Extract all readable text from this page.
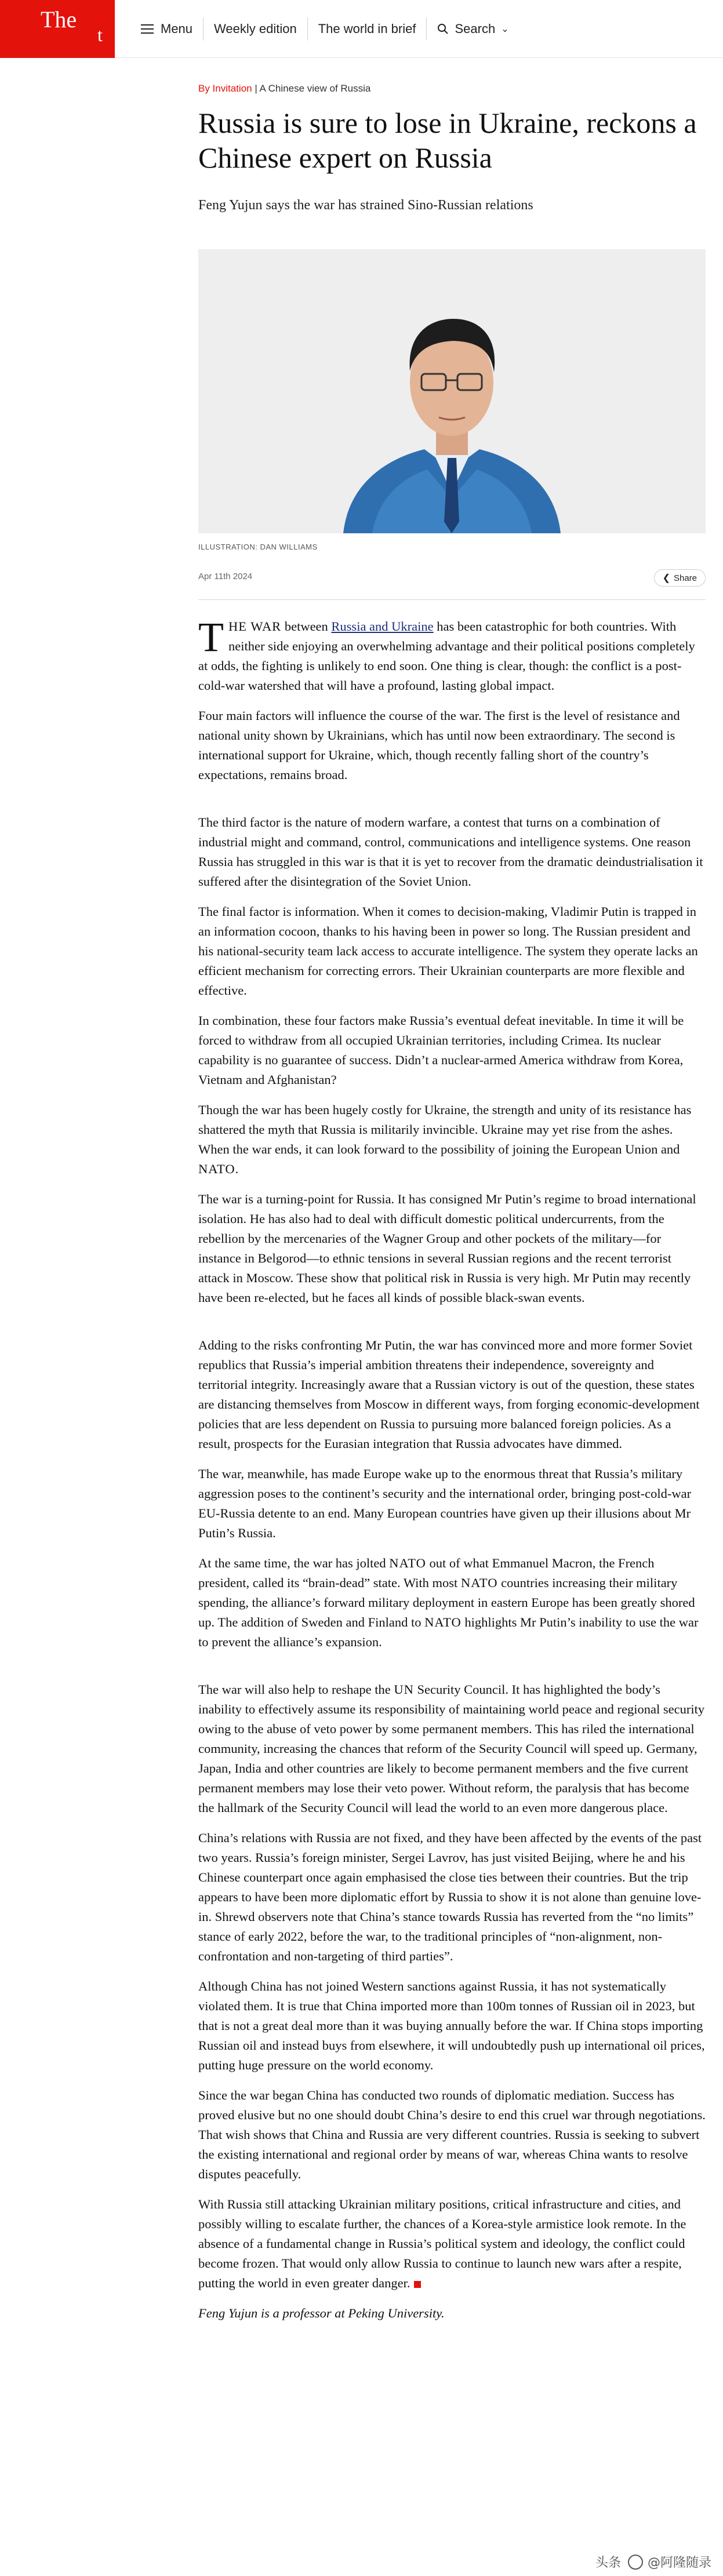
The
t	Menu	Weekly edition	The world in brief	Search ⌄
By Invitation | A Chinese view of Russia
Russia is sure to lose in Ukraine, reckons a Chinese expert on Russia
Feng Yujun says the war has strained Sino-Russian relations
ILLUSTRATION: DAN WILLIAMS
Apr 11th 2024	❮ Share

THE WAR between Russia and Ukraine has been catastrophic for both countries. With neither side enjoying an overwhelming advantage and their political positions completely at odds, the fighting is unlikely to end soon. One thing is clear, though: the conflict is a post-cold-war watershed that will have a profound, lasting global impact.

Four main factors will influence the course of the war. The first is the level of resistance and national unity shown by Ukrainians, which has until now been extraordinary. The second is international support for Ukraine, which, though recently falling short of the country’s expectations, remains broad.

The third factor is the nature of modern warfare, a contest that turns on a combination of industrial might and command, control, communications and intelligence systems. One reason Russia has struggled in this war is that it is yet to recover from the dramatic deindustrialisation it suffered after the disintegration of the Soviet Union.

The final factor is information. When it comes to decision-making, Vladimir Putin is trapped in an information cocoon, thanks to his having been in power so long. The Russian president and his national-security team lack access to accurate intelligence. The system they operate lacks an efficient mechanism for correcting errors. Their Ukrainian counterparts are more flexible and effective.

In combination, these four factors make Russia’s eventual defeat inevitable. In time it will be forced to withdraw from all occupied Ukrainian territories, including Crimea. Its nuclear capability is no guarantee of success. Didn’t a nuclear-armed America withdraw from Korea, Vietnam and Afghanistan?

Though the war has been hugely costly for Ukraine, the strength and unity of its resistance has shattered the myth that Russia is militarily invincible. Ukraine may yet rise from the ashes. When the war ends, it can look forward to the possibility of joining the European Union and NATO.

The war is a turning-point for Russia. It has consigned Mr Putin’s regime to broad international isolation. He has also had to deal with difficult domestic political undercurrents, from the rebellion by the mercenaries of the Wagner Group and other pockets of the military—for instance in Belgorod—to ethnic tensions in several Russian regions and the recent terrorist attack in Moscow. These show that political risk in Russia is very high. Mr Putin may recently have been re-elected, but he faces all kinds of possible black-swan events.

Adding to the risks confronting Mr Putin, the war has convinced more and more former Soviet republics that Russia’s imperial ambition threatens their independence, sovereignty and territorial integrity. Increasingly aware that a Russian victory is out of the question, these states are distancing themselves from Moscow in different ways, from forging economic-development policies that are less dependent on Russia to pursuing more balanced foreign policies. As a result, prospects for the Eurasian integration that Russia advocates have dimmed.

The war, meanwhile, has made Europe wake up to the enormous threat that Russia’s military aggression poses to the continent’s security and the international order, bringing post-cold-war EU-Russia detente to an end. Many European countries have given up their illusions about Mr Putin’s Russia.

At the same time, the war has jolted NATO out of what Emmanuel Macron, the French president, called its “brain-dead” state. With most NATO countries increasing their military spending, the alliance’s forward military deployment in eastern Europe has been greatly shored up. The addition of Sweden and Finland to NATO highlights Mr Putin’s inability to use the war to prevent the alliance’s expansion.

The war will also help to reshape the UN Security Council. It has highlighted the body’s inability to effectively assume its responsibility of maintaining world peace and regional security owing to the abuse of veto power by some permanent members. This has riled the international community, increasing the chances that reform of the Security Council will speed up. Germany, Japan, India and other countries are likely to become permanent members and the five current permanent members may lose their veto power. Without reform, the paralysis that has become the hallmark of the Security Council will lead the world to an even more dangerous place.

China’s relations with Russia are not fixed, and they have been affected by the events of the past two years. Russia’s foreign minister, Sergei Lavrov, has just visited Beijing, where he and his Chinese counterpart once again emphasised the close ties between their countries. But the trip appears to have been more diplomatic effort by Russia to show it is not alone than genuine love-in. Shrewd observers note that China’s stance towards Russia has reverted from the “no limits” stance of early 2022, before the war, to the traditional principles of “non-alignment, non-confrontation and non-targeting of third parties”.

Although China has not joined Western sanctions against Russia, it has not systematically violated them. It is true that China imported more than 100m tonnes of Russian oil in 2023, but that is not a great deal more than it was buying annually before the war. If China stops importing Russian oil and instead buys from elsewhere, it will undoubtedly push up international oil prices, putting huge pressure on the world economy.

Since the war began China has conducted two rounds of diplomatic mediation. Success has proved elusive but no one should doubt China’s desire to end this cruel war through negotiations. That wish shows that China and Russia are very different countries. Russia is seeking to subvert the existing international and regional order by means of war, whereas China wants to resolve disputes peacefully.

With Russia still attacking Ukrainian military positions, critical infrastructure and cities, and possibly willing to escalate further, the chances of a Korea-style armistice look remote. In the absence of a fundamental change in Russia’s political system and ideology, the conflict could become frozen. That would only allow Russia to continue to launch new wars after a respite, putting the world in even greater danger.

Feng Yujun is a professor at Peking University.

头条 @阿隆随录
